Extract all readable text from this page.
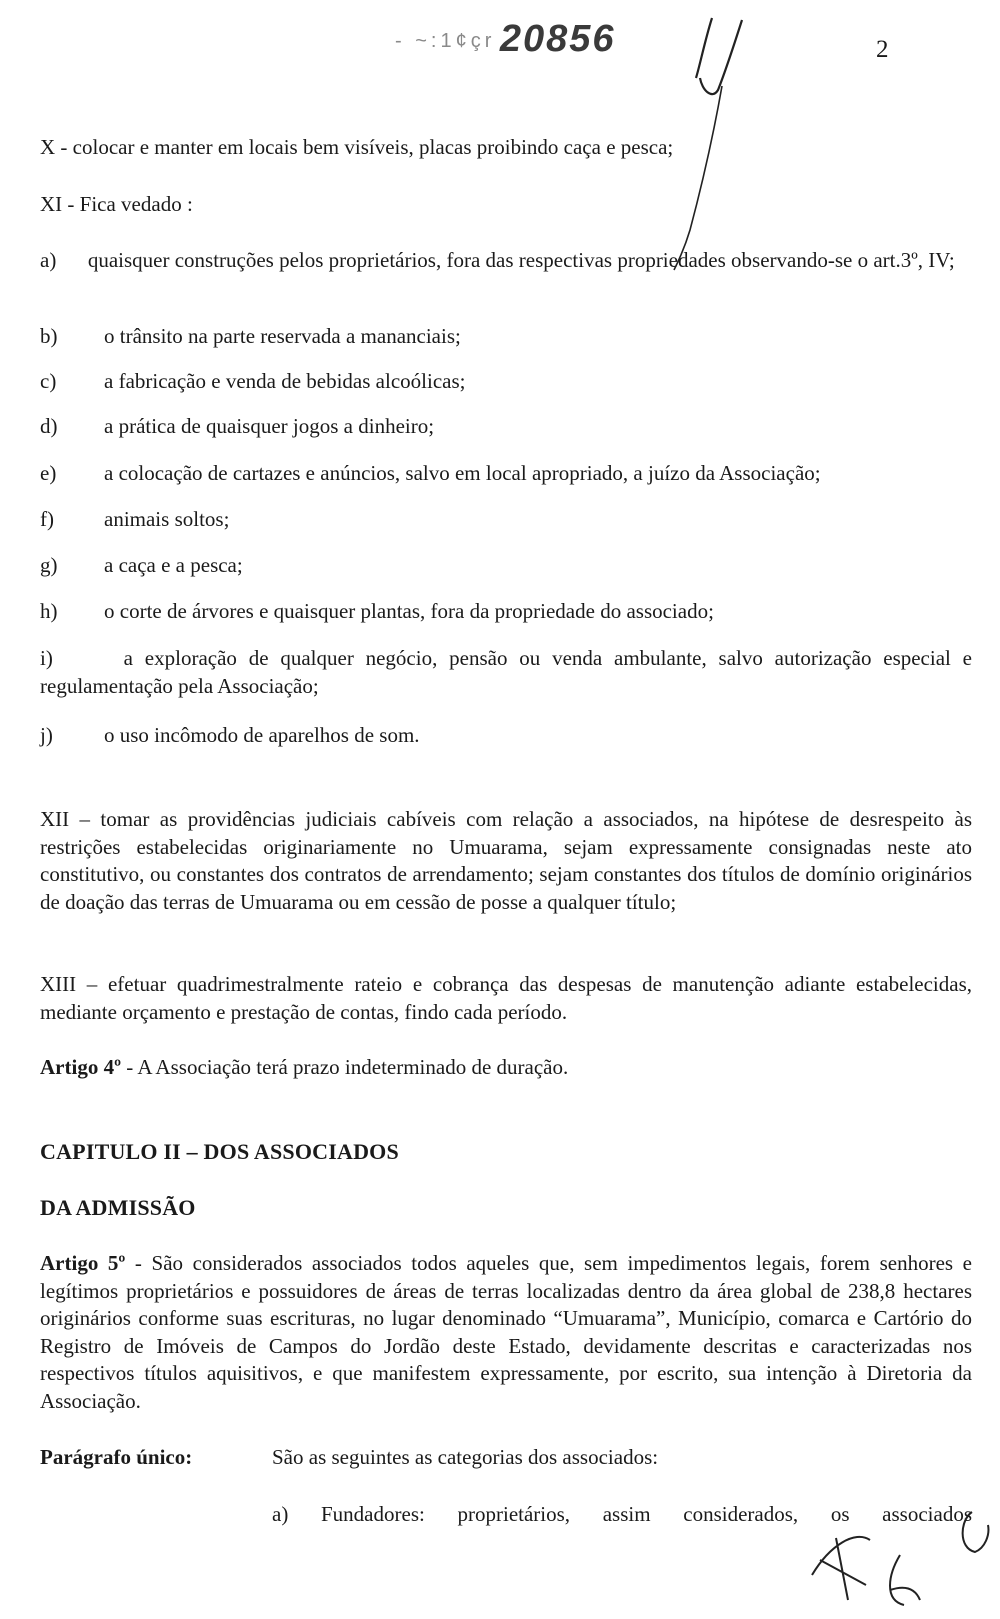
- ~:1¢çr 20856	2
X - colocar e manter em locais bem visíveis, placas proibindo caça e pesca;
XI - Fica vedado :
a) quaisquer construções pelos proprietários, fora das respectivas propriedades observando-se o art.3º, IV;
b) o trânsito na parte reservada a mananciais;
c) a fabricação e venda de bebidas alcoólicas;
d) a prática de quaisquer jogos a dinheiro;
e) a colocação de cartazes e anúncios, salvo em local apropriado, a juízo da Associação;
f) animais soltos;
g) a caça e a pesca;
h) o corte de árvores e quaisquer plantas, fora da propriedade do associado;
i)	a exploração de qualquer negócio, pensão ou venda ambulante, salvo autorização especial e regulamentação pela Associação;
j) o uso incômodo de aparelhos de som.
XII – tomar as providências judiciais cabíveis com relação a associados, na hipótese de desrespeito às restrições estabelecidas originariamente no Umuarama, sejam expressamente consignadas neste ato constitutivo, ou constantes dos contratos de arrendamento; sejam constantes dos títulos de domínio originários de doação das terras de Umuarama ou em cessão de posse a qualquer título;
XIII – efetuar quadrimestralmente rateio e cobrança das despesas de manutenção adiante estabelecidas, mediante orçamento e prestação de contas, findo cada período.
Artigo 4º - A Associação terá prazo indeterminado de duração.
CAPITULO II – DOS ASSOCIADOS
DA ADMISSÃO
Artigo 5º - São considerados associados todos aqueles que, sem impedimentos legais, forem senhores e legítimos proprietários e possuidores de áreas de terras localizadas dentro da área global de 238,8 hectares originários conforme suas escrituras, no lugar denominado “Umuarama”, Município, comarca e Cartório do Registro de Imóveis de Campos do Jordão deste Estado, devidamente descritas e caracterizadas nos respectivos títulos aquisitivos, e que manifestem expressamente, por escrito, sua intenção à Diretoria da Associação.
Parágrafo único:	São as seguintes as categorias dos associados:
a) Fundadores: proprietários, assim considerados, os associados
